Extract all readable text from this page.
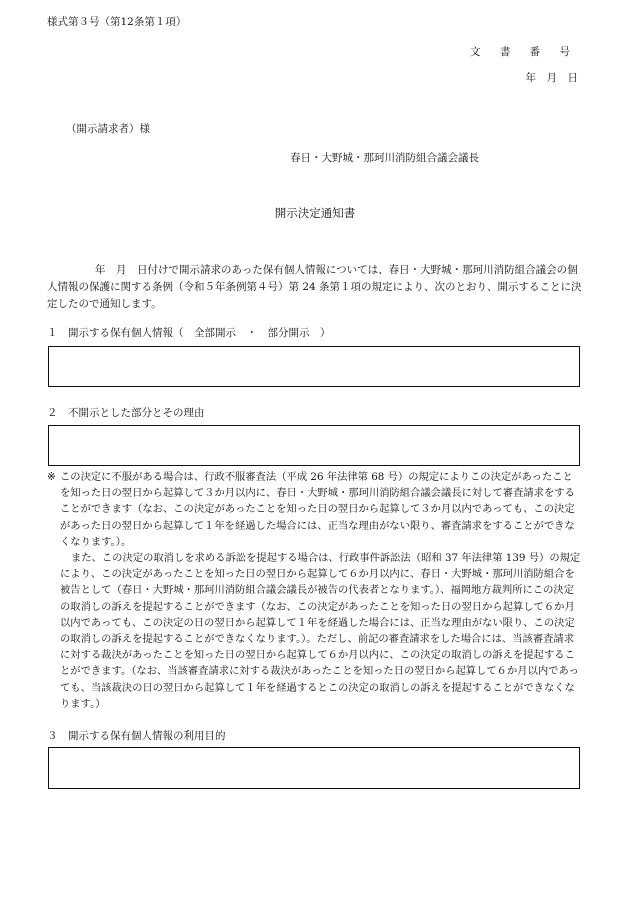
様式第３号（第12条第１項）
文 書 番 号
年　月　日
（開示請求者）様
春日・大野城・那珂川消防組合議会議長
開示決定通知書
年　月　日付けで開示請求のあった保有個人情報については、春日・大野城・那珂川消防組合議会の個人情報の保護に関する条例（令和５年条例第４号）第 24 条第１項の規定により、次のとおり、開示することに決定したので通知します。
１　開示する保有個人情報（　全部開示　・　部分開示　）
２　不開示とした部分とその理由
※ この決定に不服がある場合は、行政不服審査法（平成 26 年法律第 68 号）の規定によりこの決定があったことを知った日の翌日から起算して３か月以内に、春日・大野城・那珂川消防組合議会議長に対して審査請求をすることができます（なお、この決定があったことを知った日の翌日から起算して３か月以内であっても、この決定があった日の翌日から起算して１年を経過した場合には、正当な理由がない限り、審査請求をすることができなくなります。）。

また、この決定の取消しを求める訴訟を提起する場合は、行政事件訴訟法（昭和 37 年法律第 139 号）の規定により、この決定があったことを知った日の翌日から起算して６か月以内に、春日・大野城・那珂川消防組合を被告として（春日・大野城・那珂川消防組合議会議長が被告の代表者となります。）、福岡地方裁判所にこの決定の取消しの訴えを提起することができます（なお、この決定があったことを知った日の翌日から起算して６か月以内であっても、この決定の日の翌日から起算して１年を経過した場合には、正当な理由がない限り、この決定の取消しの訴えを提起することができなくなります。）。ただし、前記の審査請求をした場合には、当該審査請求に対する裁決があったことを知った日の翌日から起算して６か月以内に、この決定の取消しの訴えを提起することができます。（なお、当該審査請求に対する裁決があったことを知った日の翌日から起算して６か月以内であっても、当該裁決の日の翌日から起算して１年を経過するとこの決定の取消しの訴えを提起することができなくなります。）

３　開示する保有個人情報の利用目的
